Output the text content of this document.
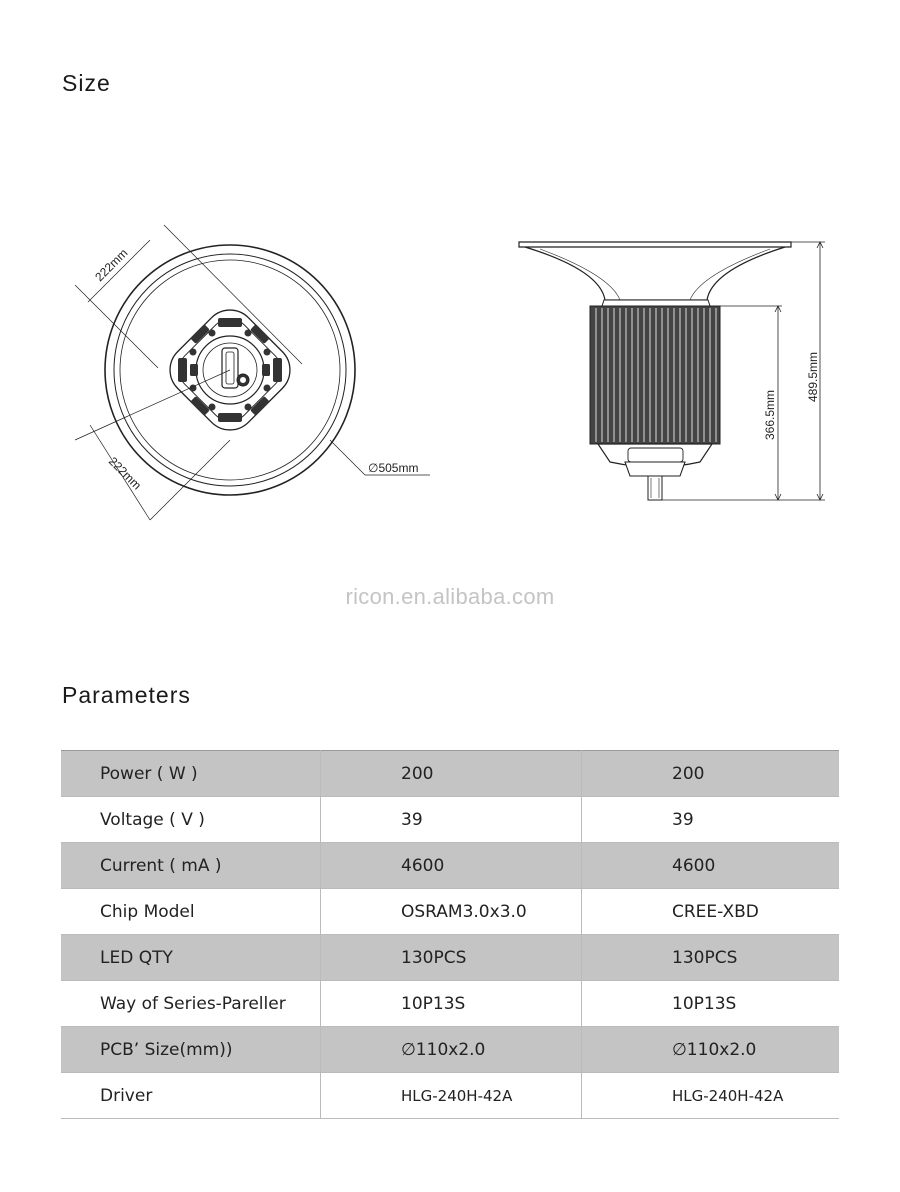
Size
222mm
222mm	∅505mm
489.5mm
366.5mm
ricon.en.alibaba.com
Parameters
Power ( W )	200	200
Voltage ( V )	39	39
Current ( mA )	4600	4600
Chip Model	OSRAM3.0x3.0	CREE-XBD
LED QTY	130PCS	130PCS
Way of Series-Pareller	10P13S	10P13S
PCB’ Size(mm))	∅110x2.0	∅110x2.0
Driver	HLG-240H-42A	HLG-240H-42A
